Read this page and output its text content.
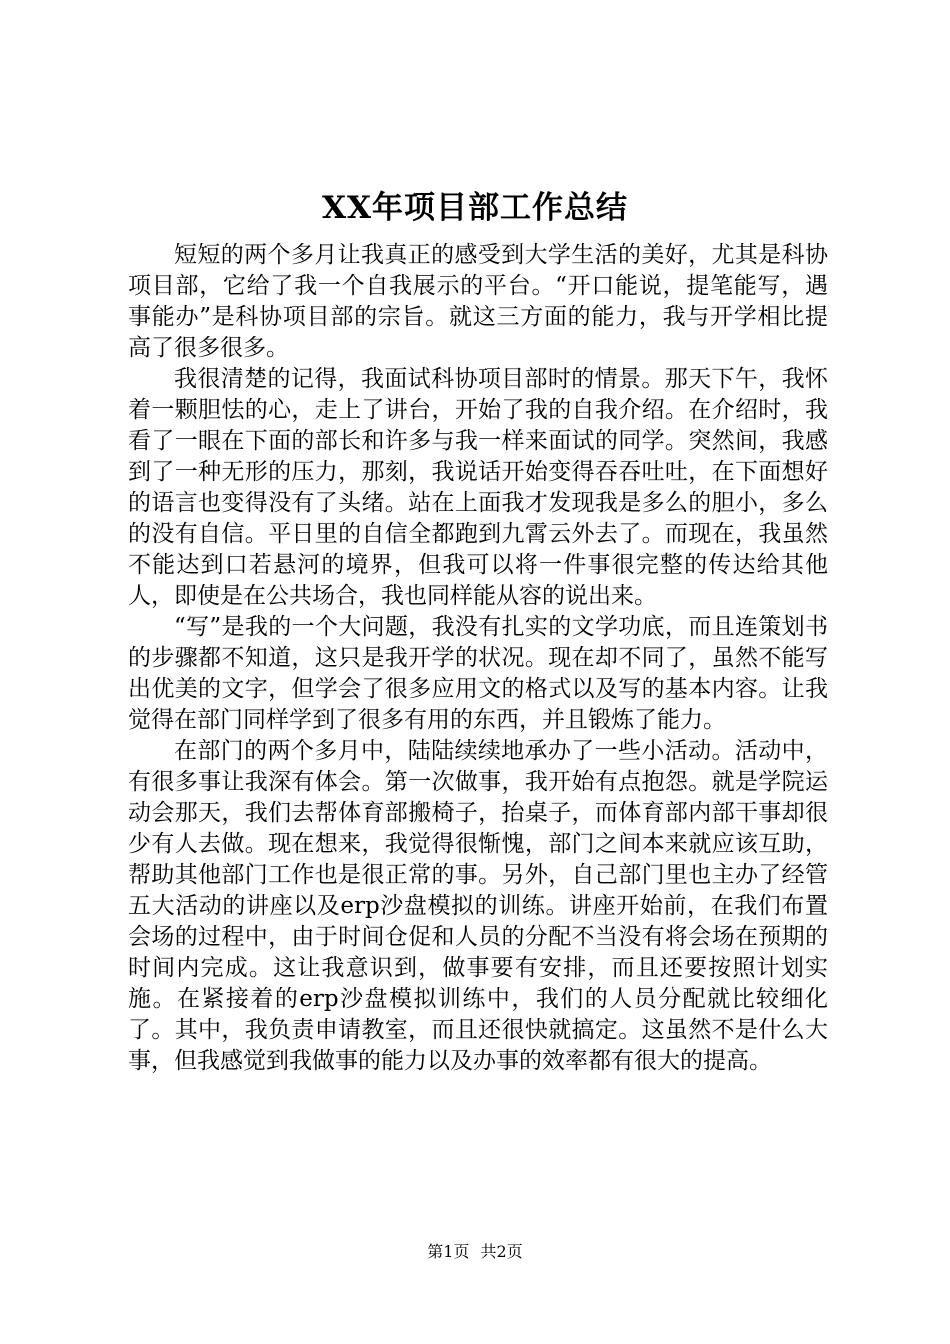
XX年项目部工作总结

短短的两个多月让我真正的感受到大学生活的美好，尤其是科协项目部，它给了我一个自我展示的平台。“开口能说，提笔能写，遇事能办”是科协项目部的宗旨。就这三方面的能力，我与开学相比提高了很多很多。

我很清楚的记得，我面试科协项目部时的情景。那天下午，我怀着一颗胆怯的心，走上了讲台，开始了我的自我介绍。在介绍时，我看了一眼在下面的部长和许多与我一样来面试的同学。突然间，我感到了一种无形的压力，那刻，我说话开始变得吞吞吐吐，在下面想好的语言也变得没有了头绪。站在上面我才发现我是多么的胆小，多么的没有自信。平日里的自信全都跑到九霄云外去了。而现在，我虽然不能达到口若悬河的境界，但我可以将一件事很完整的传达给其他人，即使是在公共场合，我也同样能从容的说出来。

“写”是我的一个大问题，我没有扎实的文学功底，而且连策划书的步骤都不知道，这只是我开学的状况。现在却不同了，虽然不能写出优美的文字，但学会了很多应用文的格式以及写的基本内容。让我觉得在部门同样学到了很多有用的东西，并且锻炼了能力。

在部门的两个多月中，陆陆续续地承办了一些小活动。活动中，有很多事让我深有体会。第一次做事，我开始有点抱怨。就是学院运动会那天，我们去帮体育部搬椅子，抬桌子，而体育部内部干事却很少有人去做。现在想来，我觉得很惭愧，部门之间本来就应该互助，帮助其他部门工作也是很正常的事。另外，自己部门里也主办了经管五大活动的讲座以及erp沙盘模拟的训练。讲座开始前，在我们布置会场的过程中，由于时间仓促和人员的分配不当没有将会场在预期的时间内完成。这让我意识到，做事要有安排，而且还要按照计划实施。在紧接着的erp沙盘模拟训练中，我们的人员分配就比较细化了。其中，我负责申请教室，而且还很快就搞定。这虽然不是什么大事，但我感觉到我做事的能力以及办事的效率都有很大的提高。

第1页 共2页
